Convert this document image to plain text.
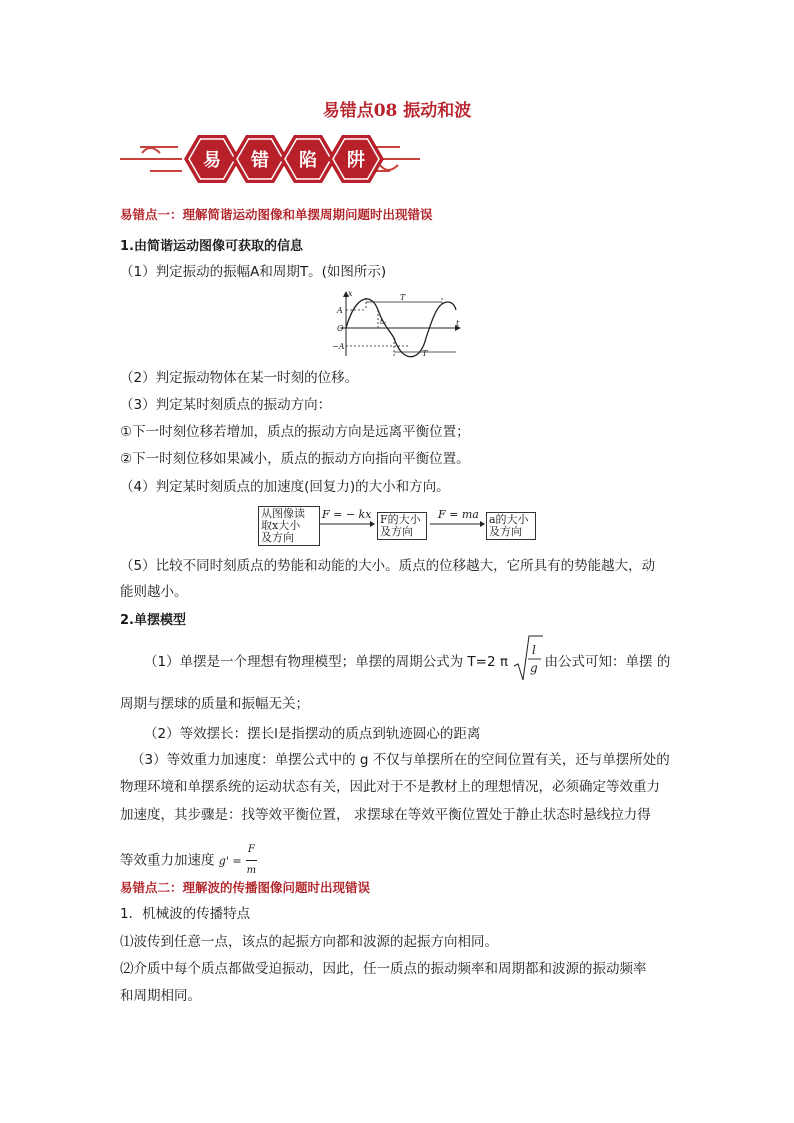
易错点08 振动和波
易 错 陷 阱
易错点一：理解简谐运动图像和单摆周期问题时出现错误
1.由简谐运动图像可获取的信息
（1）判定振动的振幅A和周期T。(如图所示)
x
t
A
O
−A
T
T
t₀
（2）判定振动物体在某一时刻的位移。
（3）判定某时刻质点的振动方向：
①下一时刻位移若增加，质点的振动方向是远离平衡位置；
②下一时刻位移如果减小，质点的振动方向指向平衡位置。
（4）判定某时刻质点的加速度(回复力)的大小和方向。
从图像读
取x大小
及方向
F = − kx F的大小
及方向
F = ma a的大小
及方向
（5）比较不同时刻质点的势能和动能的大小。质点的位移越大，它所具有的势能越大，动
能则越小。
2.单摆模型
（1）单摆是一个理想有物理模型；单摆的周期公式为 T=2 π	由公式可知：单摆 的
l
g
周期与摆球的质量和振幅无关；
（2）等效摆长：摆长l是指摆动的质点到轨迹圆心的距离
（3）等效重力加速度：单摆公式中的 g 不仅与单摆所在的空间位置有关，还与单摆所处的
物理环境和单摆系统的运动状态有关，因此对于不是教材上的理想情况，必须确定等效重力
加速度，其步骤是：找等效平衡位置， 求摆球在等效平衡位置处于静止状态时悬线拉力得
等效重力加速度 $g' = \frac{F}{m}$
易错点二：理解波的传播图像问题时出现错误
1．机械波的传播特点
⑴波传到任意一点，该点的起振方向都和波源的起振方向相同。
⑵介质中每个质点都做受迫振动，因此，任一质点的振动频率和周期都和波源的振动频率
和周期相同。
